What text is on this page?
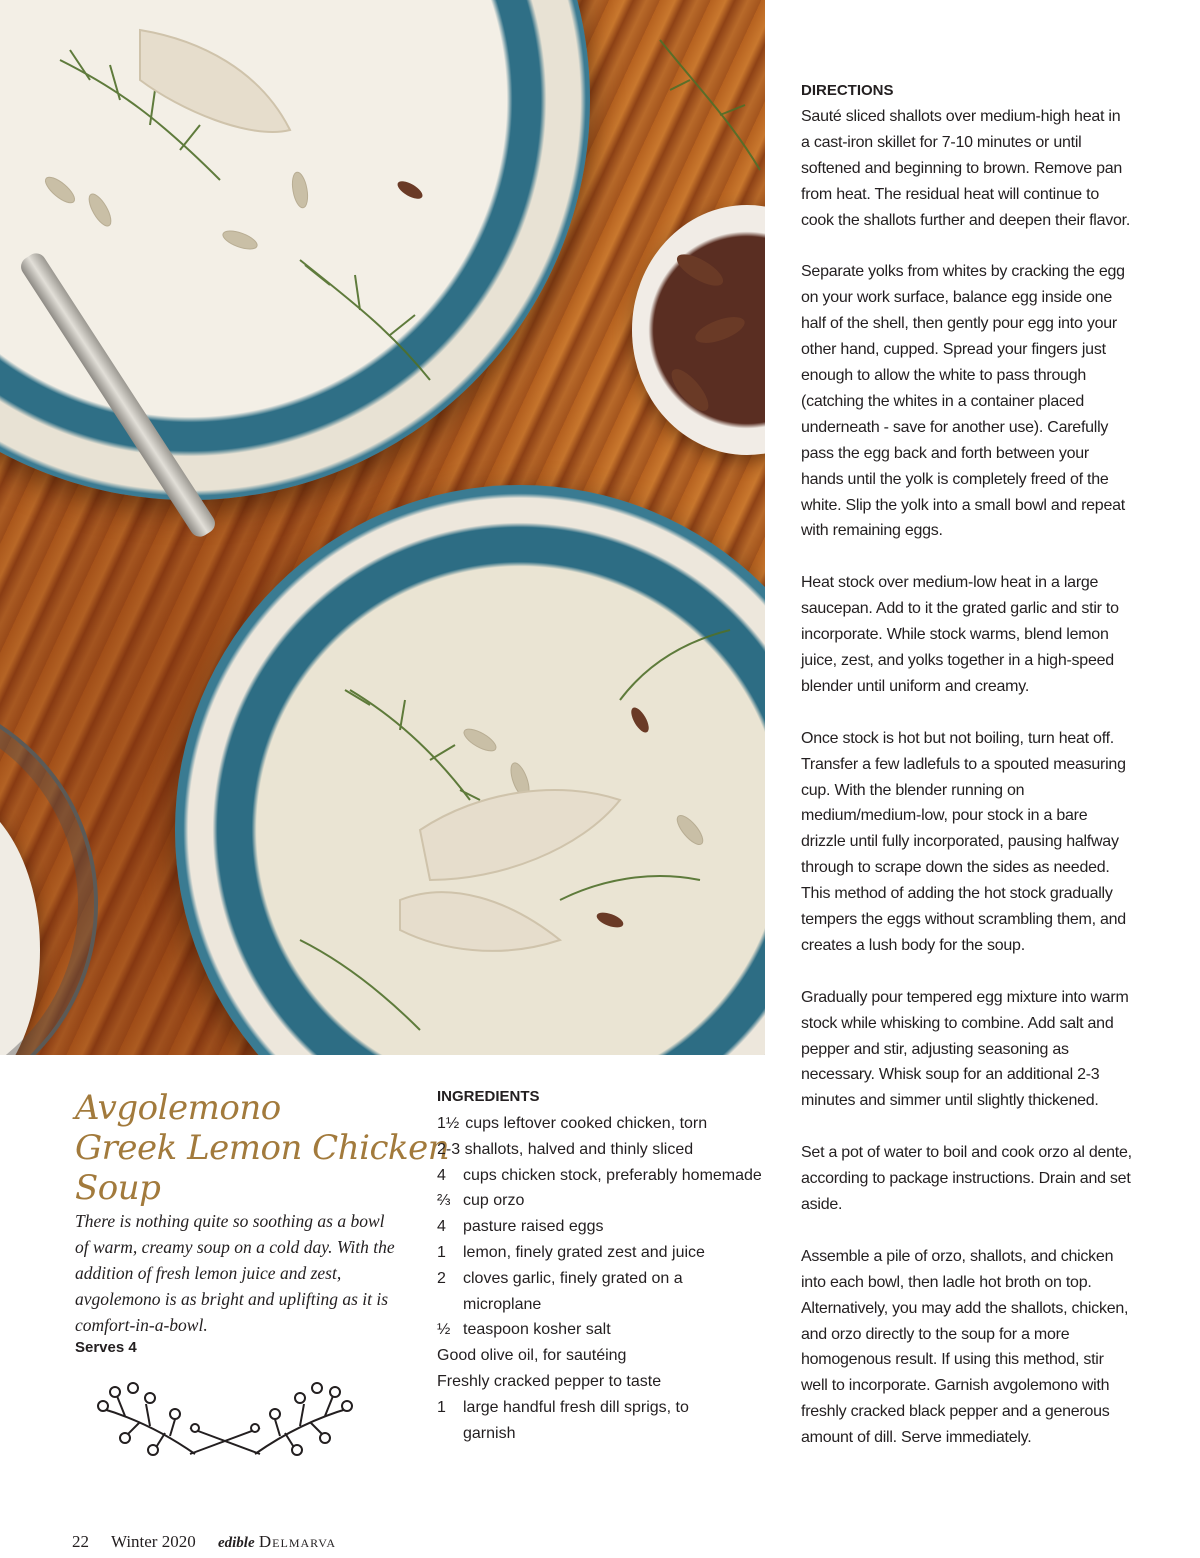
Avgolemono
Greek Lemon Chicken
Soup

There is nothing quite so soothing as a bowl of warm, creamy soup on a cold day. With the addition of fresh lemon juice and zest, avgolemono is as bright and uplifting as it is comfort-in-a-bowl.

Serves 4

INGREDIENTS
1½ cups leftover cooked chicken, torn
2-3 shallots, halved and thinly sliced
4	cups chicken stock, preferably homemade
⅔ cup orzo
4	pasture raised eggs
1	lemon, finely grated zest and juice
2	cloves garlic, finely grated on a microplane
½ teaspoon kosher salt
Good olive oil, for sautéing
Freshly cracked pepper to taste
1	large handful fresh dill sprigs, to garnish
DIRECTIONS

Sauté sliced shallots over medium-high heat in a cast-iron skillet for 7-10 minutes or until softened and beginning to brown. Remove pan from heat. The residual heat will continue to cook the shallots further and deepen their flavor.

Separate yolks from whites by cracking the egg on your work surface, balance egg inside one half of the shell, then gently pour egg into your other hand, cupped. Spread your fingers just enough to allow the white to pass through (catching the whites in a container placed underneath - save for another use). Carefully pass the egg back and forth between your hands until the yolk is completely freed of the white. Slip the yolk into a small bowl and repeat with remaining eggs.

Heat stock over medium-low heat in a large saucepan. Add to it the grated garlic and stir to incorporate. While stock warms, blend lemon juice, zest, and yolks together in a high-speed blender until uniform and creamy.

Once stock is hot but not boiling, turn heat off. Transfer a few ladlefuls to a spouted measuring cup. With the blender running on medium/medium-low, pour stock in a bare drizzle until fully incorporated, pausing halfway through to scrape down the sides as needed. This method of adding the hot stock gradually tempers the eggs without scrambling them, and creates a lush body for the soup.

Gradually pour tempered egg mixture into warm stock while whisking to combine. Add salt and pepper and stir, adjusting seasoning as necessary. Whisk soup for an additional 2-3 minutes and simmer until slightly thickened.

Set a pot of water to boil and cook orzo al dente, according to package instructions. Drain and set aside.

Assemble a pile of orzo, shallots, and chicken into each bowl, then ladle hot broth on top. Alternatively, you may add the shallots, chicken, and orzo directly to the soup for a more homogenous result. If using this method, stir well to incorporate. Garnish avgolemono with freshly cracked black pepper and a generous amount of dill. Serve immediately.

22 Winter 2020 edible Delmarva
